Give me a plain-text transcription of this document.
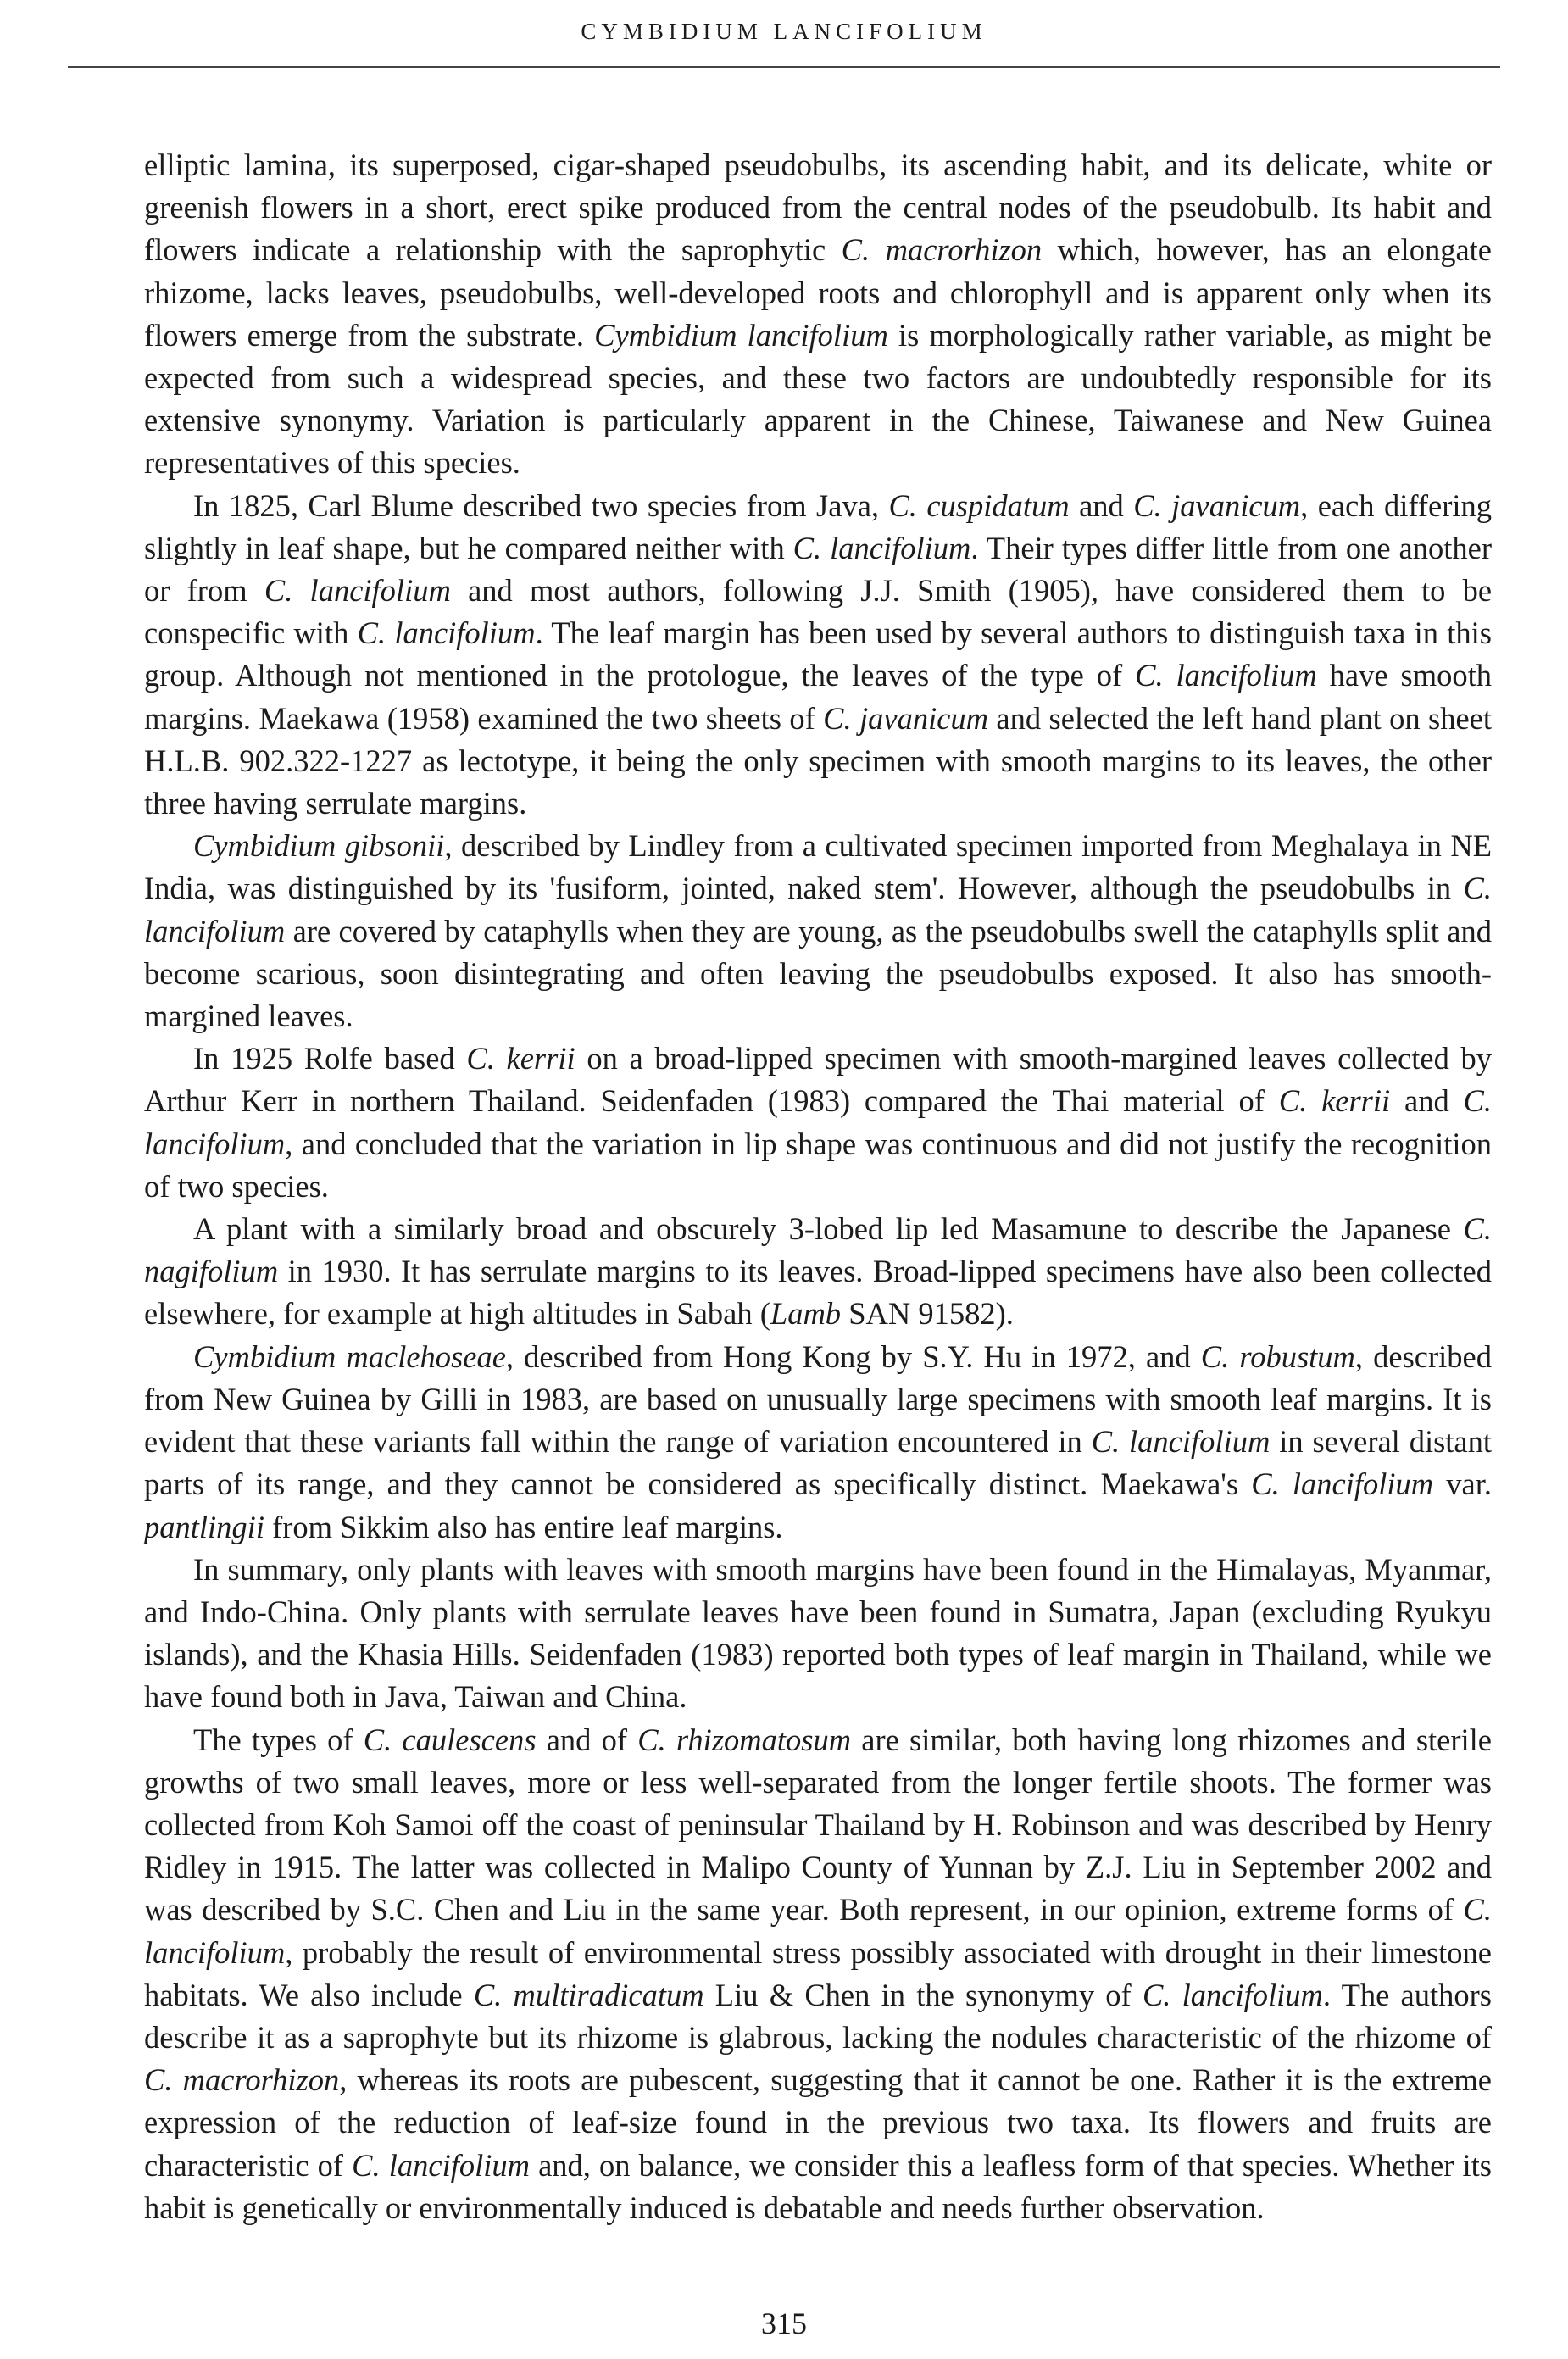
CYMBIDIUM LANCIFOLIUM

elliptic lamina, its superposed, cigar-shaped pseudobulbs, its ascending habit, and its delicate, white or greenish flowers in a short, erect spike produced from the central nodes of the pseudobulb. Its habit and flowers indicate a relationship with the saprophytic C. macrorhizon which, however, has an elongate rhizome, lacks leaves, pseudobulbs, well-developed roots and chlorophyll and is apparent only when its flowers emerge from the substrate. Cymbidium lancifolium is morphologically rather variable, as might be expected from such a widespread species, and these two factors are undoubtedly responsible for its extensive synonymy. Variation is particularly apparent in the Chinese, Taiwanese and New Guinea representatives of this species.

In 1825, Carl Blume described two species from Java, C. cuspidatum and C. javanicum, each differing slightly in leaf shape, but he compared neither with C. lancifolium. Their types differ little from one another or from C. lancifolium and most authors, following J.J. Smith (1905), have considered them to be conspecific with C. lancifolium. The leaf margin has been used by several authors to distinguish taxa in this group. Although not mentioned in the protologue, the leaves of the type of C. lancifolium have smooth margins. Maekawa (1958) examined the two sheets of C. javanicum and selected the left hand plant on sheet H.L.B. 902.322-1227 as lectotype, it being the only specimen with smooth margins to its leaves, the other three having serrulate margins.

Cymbidium gibsonii, described by Lindley from a cultivated specimen imported from Meghalaya in NE India, was distinguished by its 'fusiform, jointed, naked stem'. However, although the pseudobulbs in C. lancifolium are covered by cataphylls when they are young, as the pseudobulbs swell the cataphylls split and become scarious, soon disintegrating and often leaving the pseudobulbs exposed. It also has smooth-margined leaves.

In 1925 Rolfe based C. kerrii on a broad-lipped specimen with smooth-margined leaves collected by Arthur Kerr in northern Thailand. Seidenfaden (1983) compared the Thai material of C. kerrii and C. lancifolium, and concluded that the variation in lip shape was continuous and did not justify the recognition of two species.

A plant with a similarly broad and obscurely 3-lobed lip led Masamune to describe the Japanese C. nagifolium in 1930. It has serrulate margins to its leaves. Broad-lipped specimens have also been collected elsewhere, for example at high altitudes in Sabah (Lamb SAN 91582).

Cymbidium maclehoseae, described from Hong Kong by S.Y. Hu in 1972, and C. robustum, described from New Guinea by Gilli in 1983, are based on unusually large specimens with smooth leaf margins. It is evident that these variants fall within the range of variation encountered in C. lancifolium in several distant parts of its range, and they cannot be considered as specifically distinct. Maekawa's C. lancifolium var. pantlingii from Sikkim also has entire leaf margins.

In summary, only plants with leaves with smooth margins have been found in the Himalayas, Myanmar, and Indo-China. Only plants with serrulate leaves have been found in Sumatra, Japan (excluding Ryukyu islands), and the Khasia Hills. Seidenfaden (1983) reported both types of leaf margin in Thailand, while we have found both in Java, Taiwan and China.

The types of C. caulescens and of C. rhizomatosum are similar, both having long rhizomes and sterile growths of two small leaves, more or less well-separated from the longer fertile shoots. The former was collected from Koh Samoi off the coast of peninsular Thailand by H. Robinson and was described by Henry Ridley in 1915. The latter was collected in Malipo County of Yunnan by Z.J. Liu in September 2002 and was described by S.C. Chen and Liu in the same year. Both represent, in our opinion, extreme forms of C. lancifolium, probably the result of environmental stress possibly associated with drought in their limestone habitats. We also include C. multiradicatum Liu & Chen in the synonymy of C. lancifolium. The authors describe it as a saprophyte but its rhizome is glabrous, lacking the nodules characteristic of the rhizome of C. macrorhizon, whereas its roots are pubescent, suggesting that it cannot be one. Rather it is the extreme expression of the reduction of leaf-size found in the previous two taxa. Its flowers and fruits are characteristic of C. lancifolium and, on balance, we consider this a leafless form of that species. Whether its habit is genetically or environmentally induced is debatable and needs further observation.

315
